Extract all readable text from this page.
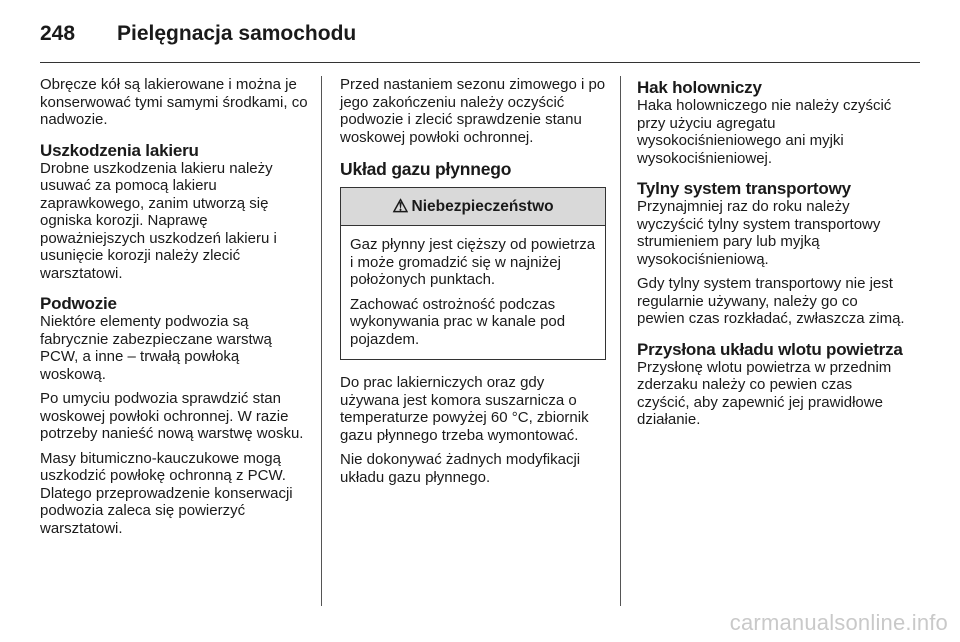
248	Pielęgnacja samochodu

Obręcze kół są lakierowane i można je konserwować tymi samymi środkami, co nadwozie.

Uszkodzenia lakieru

Drobne uszkodzenia lakieru należy usuwać za pomocą lakieru zaprawkowego, zanim utworzą się ogniska korozji. Naprawę poważniejszych uszkodzeń lakieru i usunięcie korozji należy zlecić warsztatowi.

Podwozie

Niektóre elementy podwozia są fabrycznie zabezpieczane warstwą PCW, a inne – trwałą powłoką woskową.

Po umyciu podwozia sprawdzić stan woskowej powłoki ochronnej. W razie potrzeby nanieść nową warstwę wosku.

Masy bitumiczno-kauczukowe mogą uszkodzić powłokę ochronną z PCW. Dlatego przeprowadzenie konserwacji podwozia zaleca się powierzyć warsztatowi.

Przed nastaniem sezonu zimowego i po jego zakończeniu należy oczyścić podwozie i zlecić sprawdzenie stanu woskowej powłoki ochronnej.

Układ gazu płynnego
⚠ Niebezpieczeństwo

Gaz płynny jest cięższy od powietrza i może gromadzić się w najniżej położonych punktach.

Zachować ostrożność podczas wykonywania prac w kanale pod pojazdem.

Do prac lakierniczych oraz gdy używana jest komora suszarnicza o temperaturze powyżej 60 °C, zbiornik gazu płynnego trzeba wymontować.

Nie dokonywać żadnych modyfikacji układu gazu płynnego.

Hak holowniczy

Haka holowniczego nie należy czyścić przy użyciu agregatu wysokociśnieniowego ani myjki wysokociśnieniowej.

Tylny system transportowy

Przynajmniej raz do roku należy wyczyścić tylny system transportowy strumieniem pary lub myjką wysokociśnieniową.

Gdy tylny system transportowy nie jest regularnie używany, należy go co pewien czas rozkładać, zwłaszcza zimą.

Przysłona układu wlotu powietrza

Przysłonę wlotu powietrza w przednim zderzaku należy co pewien czas czyścić, aby zapewnić jej prawidłowe działanie.

carmanualsonline.info
